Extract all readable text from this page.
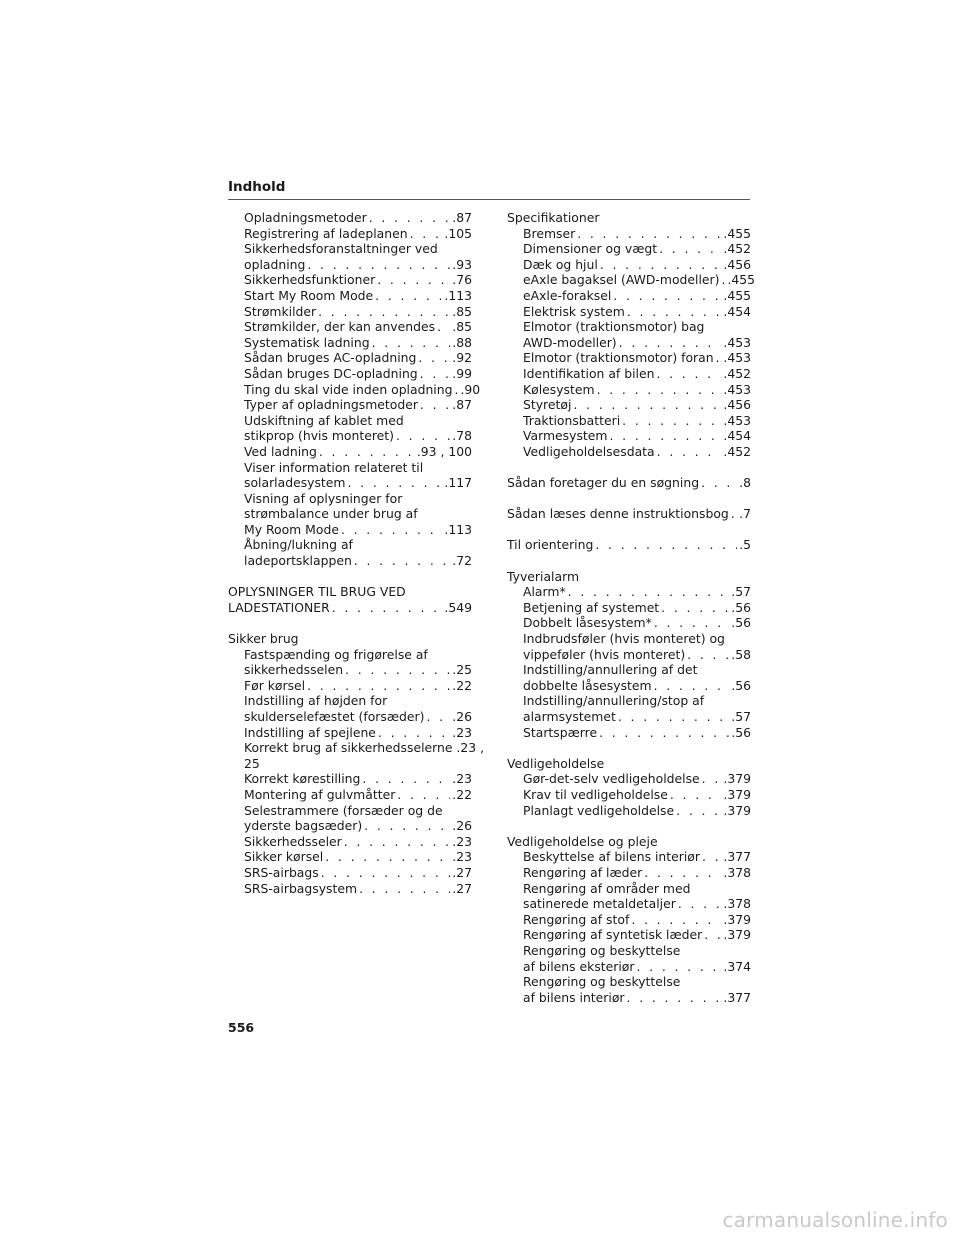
Indhold
Opladningsmetoder . . .	.87
Registrering af ladeplanen . . .	.105
Sikkerhedsforanstaltninger ved
opladning . . .	.93
Sikkerhedsfunktioner . . .	.76
Start My Room Mode . . .	.113
Strømkilder . . .	.85
Strømkilder, der kan anvendes . . . .85
Systematisk ladning . . .	.88
Sådan bruges AC-opladning . . .	.92
Sådan bruges DC-opladning . . .	.99
Ting du skal vide inden opladning . . . .90
Typer af opladningsmetoder . . .	.87
Udskiftning af kablet med
stikprop (hvis monteret) . . .	.78
Ved ladning . . .	.93 , 100
Viser information relateret til
solarladesystem . . .	.117
Visning af oplysninger for
strømbalance under brug af
My Room Mode . . .	.113
Åbning/lukning af
ladeportsklappen . . .	.72
OPLYSNINGER TIL BRUG VED
LADESTATIONER . . .	.549
Sikker brug
Fastspænding og frigørelse af
sikkerhedsselen . . .	.25
Før kørsel . . .	.22
Indstilling af højden for
skulderselefæstet (forsæder) . . . .26
Indstilling af spejlene . . .	.23
Korrekt brug af sikkerhedsselerne .23 ,
25
Korrekt kørestilling . . .	.23
Montering af gulvmåtter . . .	.22
Selestrammere (forsæder og de
yderste bagsæder) . . .	.26
Sikkerhedsseler . . .	.23
Sikker kørsel . . .	.23
SRS-airbags . . .	.27
SRS-airbagsystem . . .	.27
Specifikationer
Bremser . . .	.455
Dimensioner og vægt . . .	.452
Dæk og hjul . . .	.456
eAxle bagaksel (AWD-modeller) . . . .455
eAxle-foraksel . . .	.455
Elektrisk system . . .	.454
Elmotor (traktionsmotor) bag
AWD-modeller) . . .	.453
Elmotor (traktionsmotor) foran . . . .453
Identifikation af bilen . . .	.452
Kølesystem . . .	.453
Styretøj . . .	.456
Traktionsbatteri . . .	.453
Varmesystem . . .	.454
Vedligeholdelsesdata . . .	.452
Sådan foretager du en søgning . . .	.8
Sådan læses denne instruktionsbog . . . .7
Til orientering . . .	.5
Tyverialarm
Alarm* . . .	.57
Betjening af systemet . . .	.56
Dobbelt låsesystem* . . .	.56
Indbrudsføler (hvis monteret) og
vippeføler (hvis monteret) . . .	.58
Indstilling/annullering af det
dobbelte låsesystem . . .	.56
Indstilling/annullering/stop af
alarmsystemet . . .	.57
Startspærre . . .	.56
Vedligeholdelse
Gør-det-selv vedligeholdelse . . . .379
Krav til vedligeholdelse . . .	.379
Planlagt vedligeholdelse . . .	.379
Vedligeholdelse og pleje
Beskyttelse af bilens interiør . . . .377
Rengøring af læder . . .	.378
Rengøring af områder med
satinerede metaldetaljer . . .	.378
Rengøring af stof . . .	.379
Rengøring af syntetisk læder . . . .379
Rengøring og beskyttelse
af bilens eksteriør . . .	.374
Rengøring og beskyttelse
af bilens interiør . . .	.377
556
carmanualsonline.info
